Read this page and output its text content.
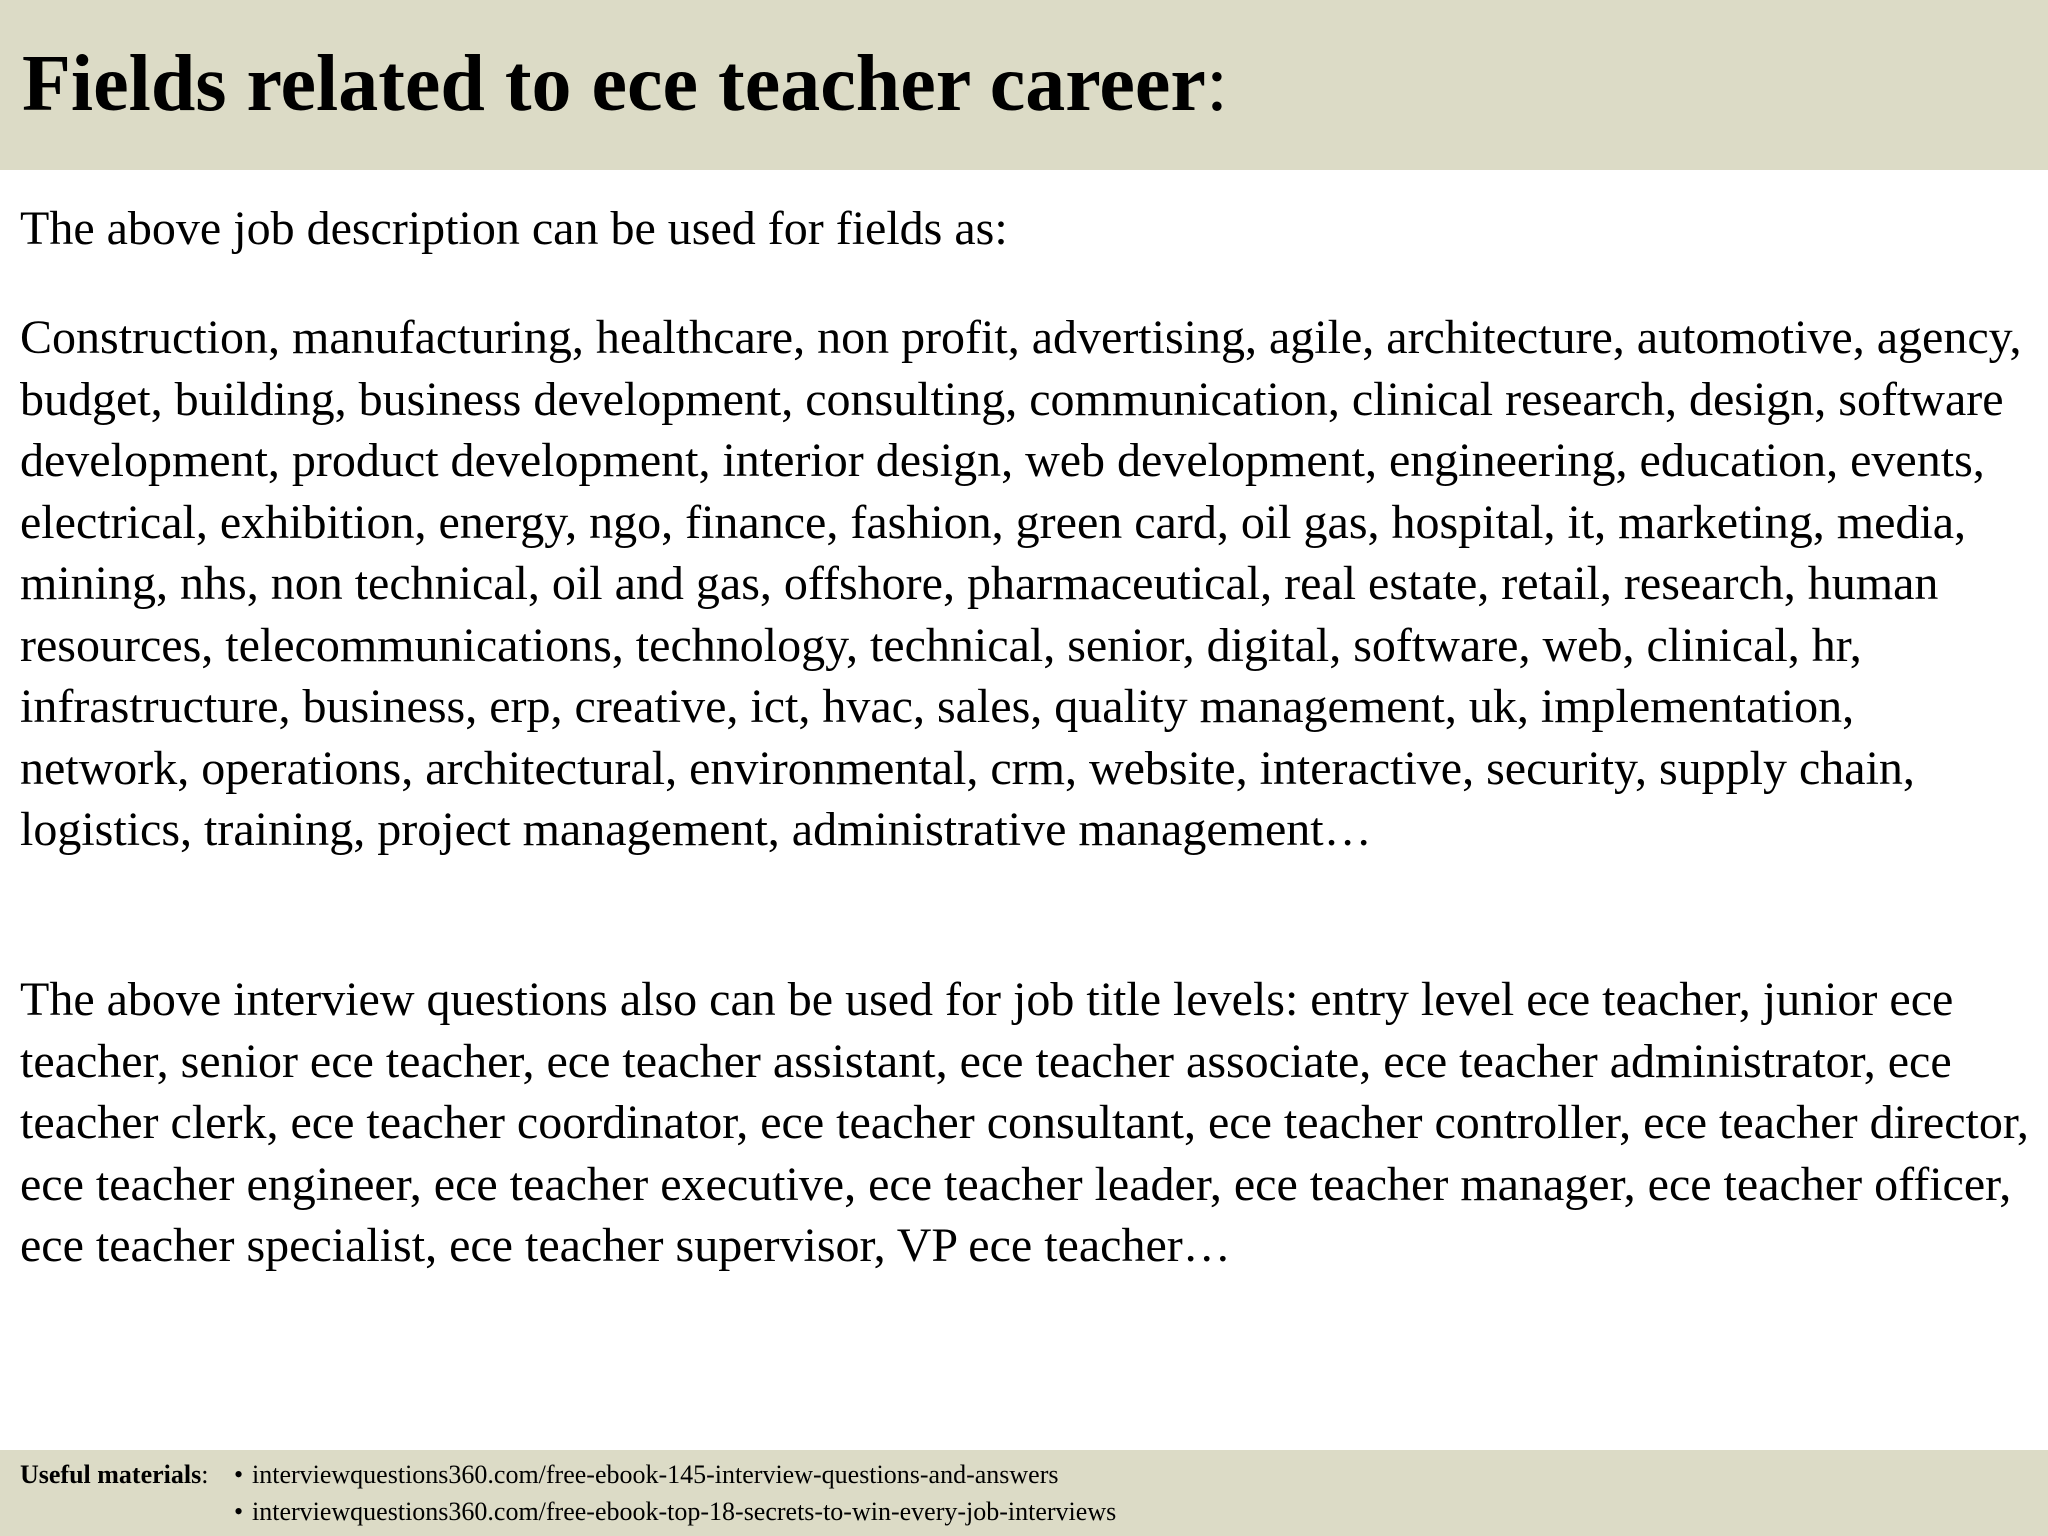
Fields related to ece teacher career:

The above job description can be used for fields as:

Construction, manufacturing, healthcare, non profit, advertising, agile, architecture, automotive, agency, budget, building, business development, consulting, communication, clinical research, design, software development, product development, interior design, web development, engineering, education, events, electrical, exhibition, energy, ngo, finance, fashion, green card, oil gas, hospital, it, marketing, media, mining, nhs, non technical, oil and gas, offshore, pharmaceutical, real estate, retail, research, human resources, telecommunications, technology, technical, senior, digital, software, web, clinical, hr, infrastructure, business, erp, creative, ict, hvac, sales, quality management, uk, implementation, network, operations, architectural, environmental, crm, website, interactive, security, supply chain, logistics, training, project management, administrative management…

The above interview questions also can be used for job title levels: entry level ece teacher, junior ece teacher, senior ece teacher, ece teacher assistant, ece teacher associate, ece teacher administrator, ece teacher clerk, ece teacher coordinator, ece teacher consultant, ece teacher controller, ece teacher director, ece teacher engineer, ece teacher executive, ece teacher leader, ece teacher manager, ece teacher officer, ece teacher specialist, ece teacher supervisor, VP ece teacher…

Useful materials: • interviewquestions360.com/free-ebook-145-interview-questions-and-answers
• interviewquestions360.com/free-ebook-top-18-secrets-to-win-every-job-interviews
